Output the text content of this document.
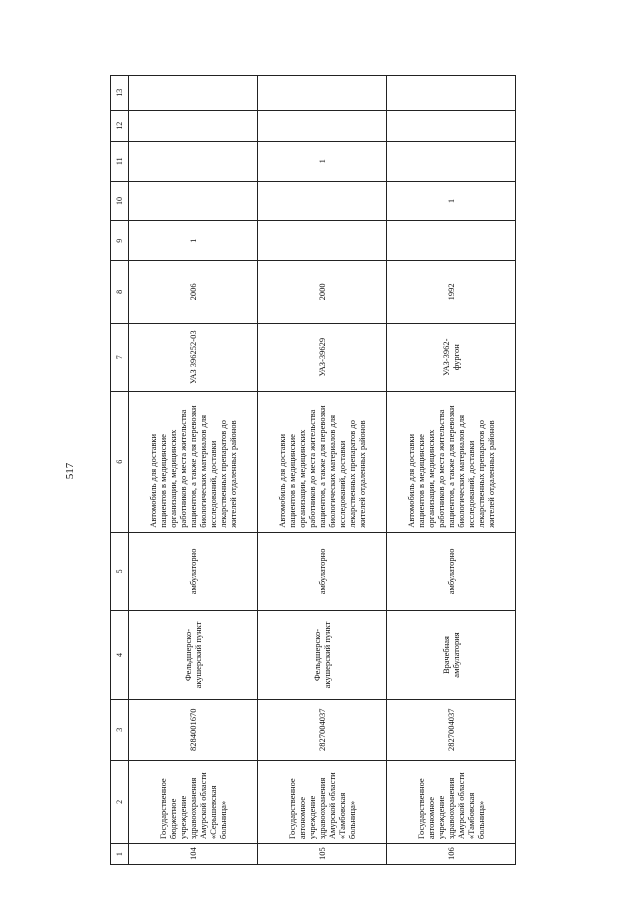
517
1	2	3	4	5	6	7	8	9	10	11	12	13
104	Государственное бюджетное учреждение здравоохранения Амурской области «Серышевская больница»	8284001670	Фельдшерско-акушерский пункт	амбулаторно	Автомобиль для доставки пациентов в медицинские организации, медицинских работников до места жительства пациентов, а также для перевозки биологических материалов для исследований, доставки лекарственных препаратов до жителей отдаленных районов	УАЗ 396252-03	2006	1				
105	Государственное автономное учреждение здравоохранения Амурской области «Тамбовская больница»	2827004037	Фельдшерско-акушерский пункт	амбулаторно	Автомобиль для доставки пациентов в медицинские организации, медицинских работников до места жительства пациентов, а также для перевозки биологических материалов для исследований, доставки лекарственных препаратов до жителей отдаленных районов	УАЗ-39629	2000			1		
106	Государственное автономное учреждение здравоохранения Амурской области «Тамбовская больница»	2827004037	Врачебная амбулатория	амбулаторно	Автомобиль для доставки пациентов в медицинские организации, медицинских работников до места жительства пациентов, а также для перевозки биологических материалов для исследований, доставки лекарственных препаратов до жителей отдаленных районов	УАЗ-3962-фургон	1992		1			
